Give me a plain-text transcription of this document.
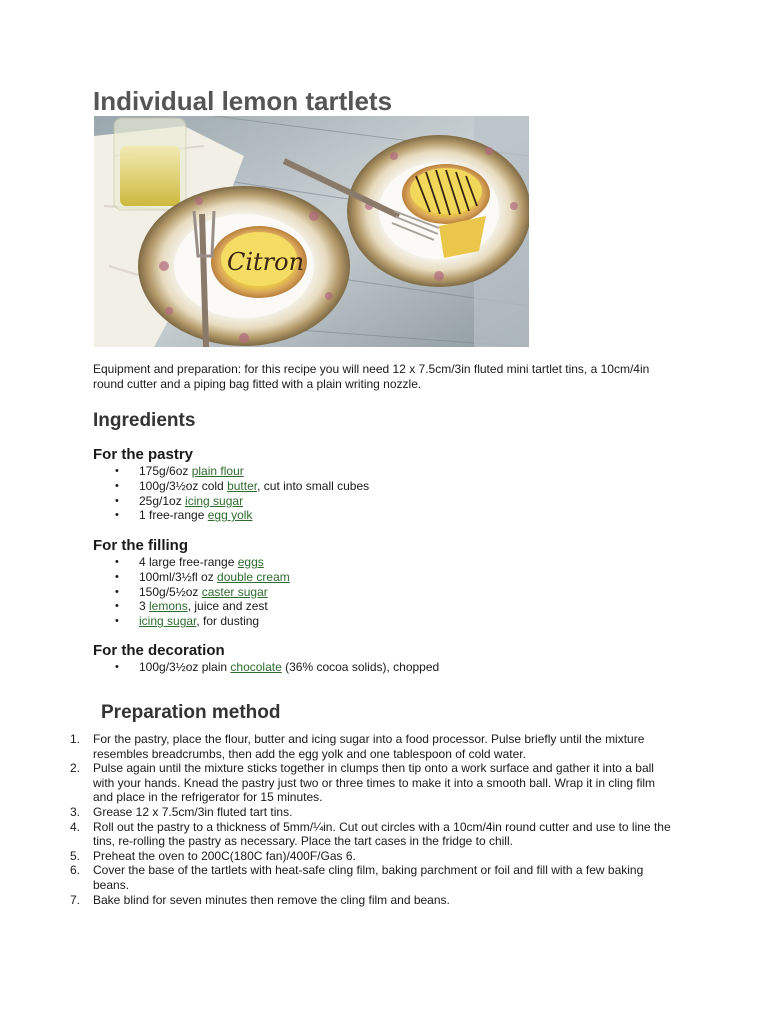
Individual lemon tartlets
Citron

Equipment and preparation: for this recipe you will need 12 x 7.5cm/3in fluted mini tartlet tins, a 10cm/4in round cutter and a piping bag fitted with a plain writing nozzle.

Ingredients
For the pastry
• 175g/6oz plain flour
• 100g/3½oz cold butter, cut into small cubes
• 25g/1oz icing sugar
• 1 free-range egg yolk
For the filling
• 4 large free-range eggs
• 100ml/3½fl oz double cream
• 150g/5½oz caster sugar
• 3 lemons, juice and zest
• icing sugar, for dusting
For the decoration
• 100g/3½oz plain chocolate (36% cocoa solids), chopped
Preparation method
1. For the pastry, place the flour, butter and icing sugar into a food processor. Pulse briefly until the mixture resembles breadcrumbs, then add the egg yolk and one tablespoon of cold water.
2. Pulse again until the mixture sticks together in clumps then tip onto a work surface and gather it into a ball with your hands. Knead the pastry just two or three times to make it into a smooth ball. Wrap it in cling film and place in the refrigerator for 15 minutes.
3. Grease 12 x 7.5cm/3in fluted tart tins.
4. Roll out the pastry to a thickness of 5mm/¼in. Cut out circles with a 10cm/4in round cutter and use to line the tins, re-rolling the pastry as necessary. Place the tart cases in the fridge to chill.
5. Preheat the oven to 200C(180C fan)/400F/Gas 6.
6. Cover the base of the tartlets with heat-safe cling film, baking parchment or foil and fill with a few baking beans.
7. Bake blind for seven minutes then remove the cling film and beans.
